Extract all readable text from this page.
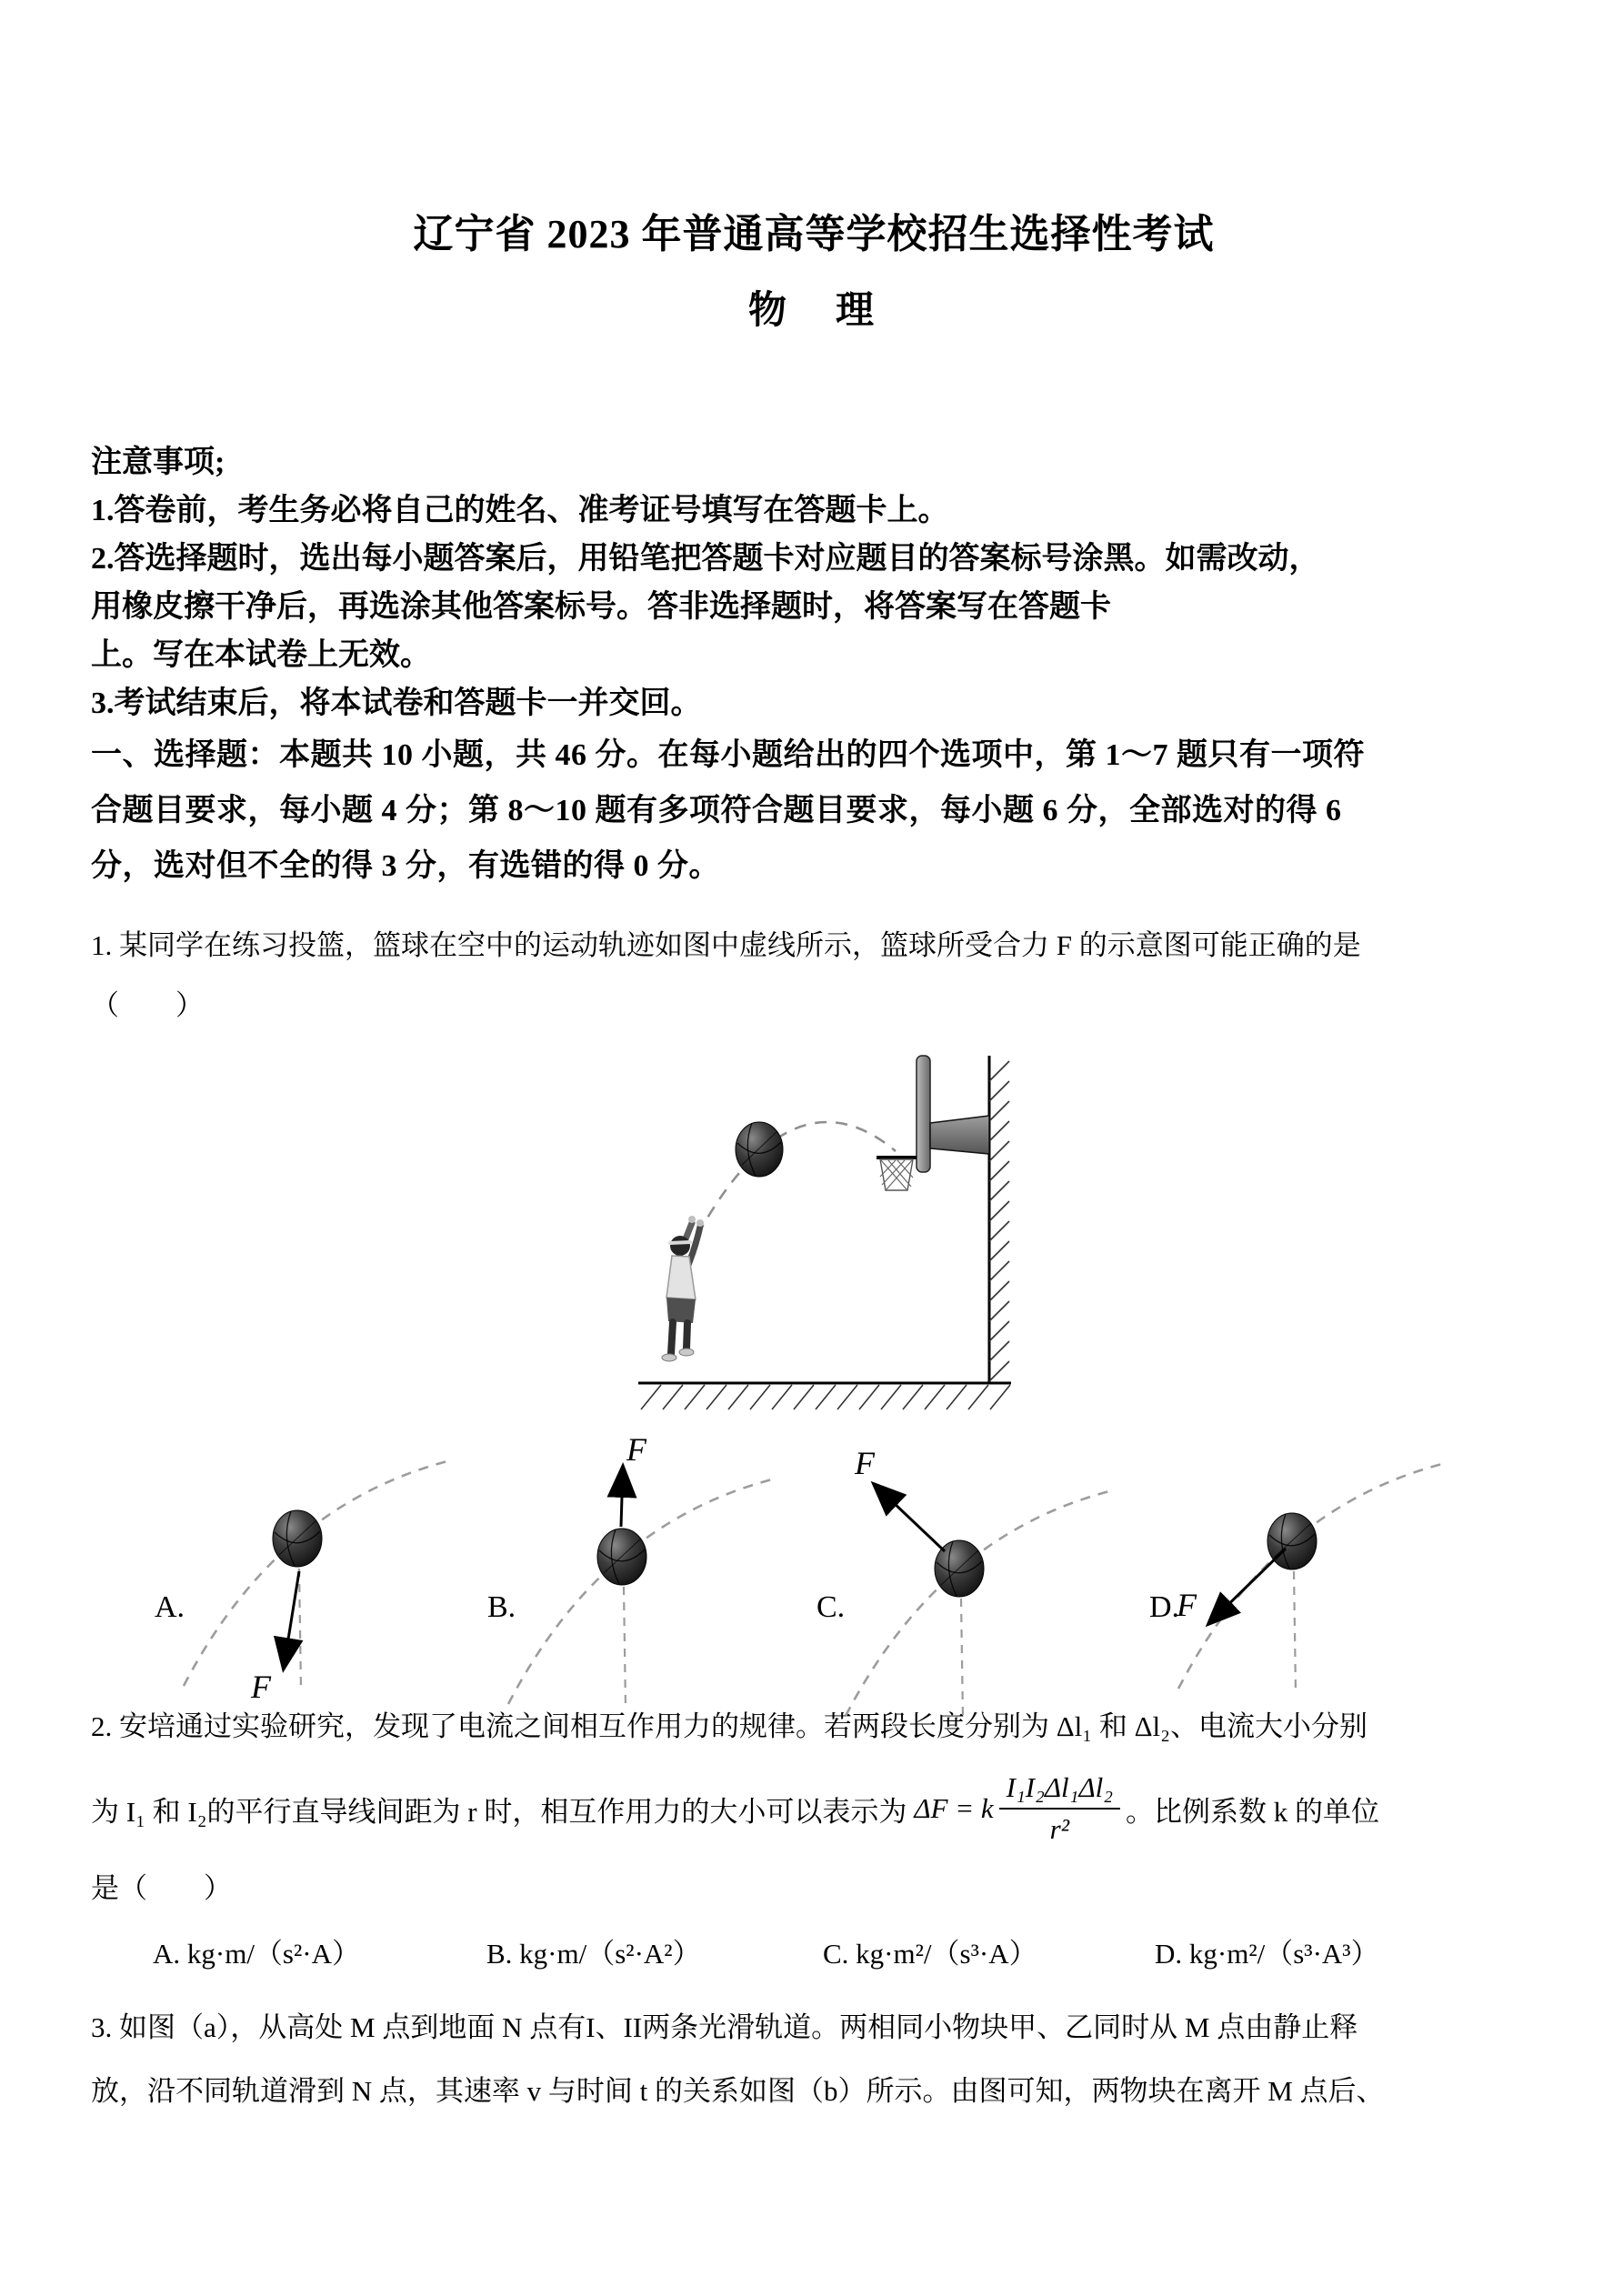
辽宁省 2023 年普通高等学校招生选择性考试
物　理
注意事项;
1.答卷前，考生务必将自己的姓名、准考证号填写在答题卡上。
2.答选择题时，选出每小题答案后，用铅笔把答题卡对应题目的答案标号涂黑。如需改动，
用橡皮擦干净后，再选涂其他答案标号。答非选择题时，将答案写在答题卡
上。写在本试卷上无效。
3.考试结束后，将本试卷和答题卡一并交回。
一、选择题：本题共 10 小题，共 46 分。在每小题给出的四个选项中，第 1～7 题只有一项符
合题目要求，每小题 4 分；第 8～10 题有多项符合题目要求，每小题 6 分，全部选对的得 6
分，选对但不全的得 3 分，有选错的得 0 分。
1. 某同学在练习投篮，篮球在空中的运动轨迹如图中虚线所示，篮球所受合力 F 的示意图可能正确的是
（　　）
A.
F
B.
F
C.
F
D.
F
2. 安培通过实验研究，发现了电流之间相互作用力的规律。若两段长度分别为 Δl₁ 和 Δl₂、电流大小分别
为 I₁ 和 I₂的平行直导线间距为 r 时，相互作用力的大小可以表示为 ΔF = k $\frac{\text{I₁I₂Δl₁Δl₂}}{\text{r²}}$ 。比例系数 k 的单位
是（　　）
A. kg·m/（s²·A）	B. kg·m/（s²·A²）	C. kg·m²/（s³·A）	D. kg·m²/（s³·A³）
3. 如图（a），从高处 M 点到地面 N 点有I、II两条光滑轨道。两相同小物块甲、乙同时从 M 点由静止释
放，沿不同轨道滑到 N 点，其速率 v 与时间 t 的关系如图（b）所示。由图可知，两物块在离开 M 点后、
